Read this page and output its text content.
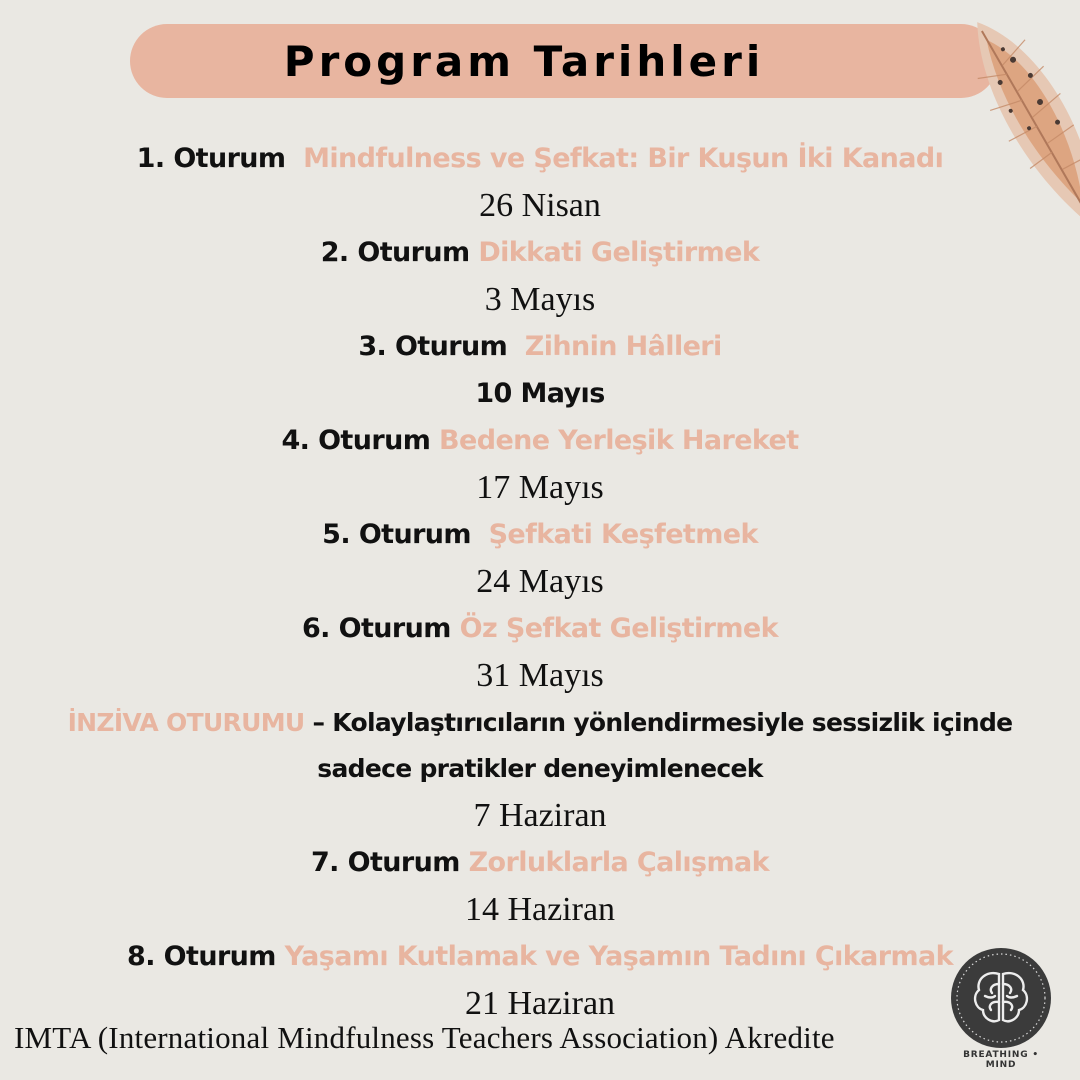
Program Tarihleri
1. Oturum Mindfulness ve Şefkat: Bir Kuşun İki Kanadı
26 Nisan
2. Oturum Dikkati Geliştirmek
3 Mayıs
3. Oturum Zihnin Hâlleri
10 Mayıs
4. Oturum Bedene Yerleşik Hareket
17 Mayıs
5. Oturum Şefkati Keşfetmek
24 Mayıs
6. Oturum Öz Şefkat Geliştirmek
31 Mayıs
İNZİVA OTURUMU – Kolaylaştırıcıların yönlendirmesiyle sessizlik içinde
sadece pratikler deneyimlenecek
7 Haziran
7. Oturum Zorluklarla Çalışmak
14 Haziran
8. Oturum Yaşamı Kutlamak ve Yaşamın Tadını Çıkarmak
21 Haziran
IMTA (International Mindfulness Teachers Association) Akredite	BREATHING • MIND
